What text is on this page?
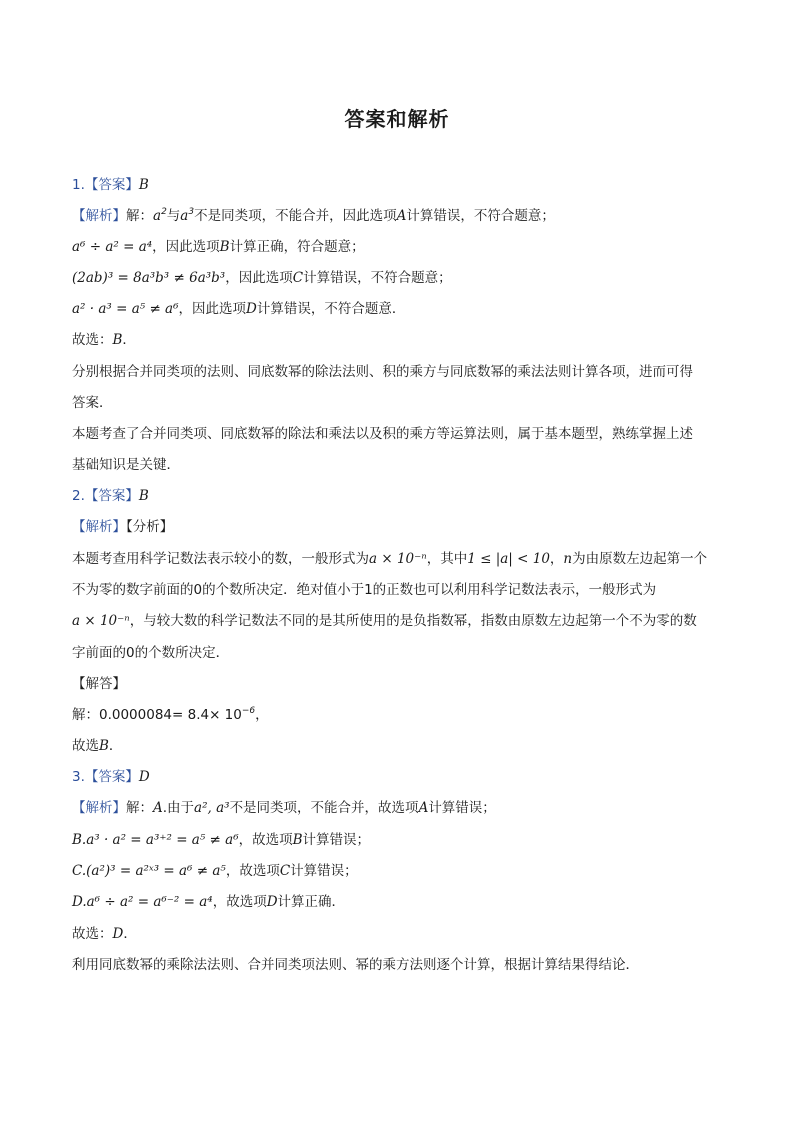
答案和解析
1.【答案】B
【解析】解：$a^2$与$a^3$不是同类项，不能合并，因此选项A计算错误，不符合题意；
a⁶ ÷ a² = a⁴，因此选项B计算正确，符合题意；
(2ab)³ = 8a³b³ ≠ 6a³b³，因此选项C计算错误，不符合题意；
a² · a³ = a⁵ ≠ a⁶，因此选项D计算错误，不符合题意．
故选：B．
分别根据合并同类项的法则、同底数幂的除法法则、积的乘方与同底数幂的乘法法则计算各项，进而可得
答案．
本题考查了合并同类项、同底数幂的除法和乘法以及积的乘方等运算法则，属于基本题型，熟练掌握上述
基础知识是关键．
2.【答案】B
【解析】【分析】
本题考查用科学记数法表示较小的数，一般形式为a × 10⁻ⁿ，其中1 ≤ |a| < 10，n为由原数左边起第一个
不为零的数字前面的0的个数所决定．绝对值小于1的正数也可以利用科学记数法表示，一般形式为
a × 10⁻ⁿ，与较大数的科学记数法不同的是其所使用的是负指数幂，指数由原数左边起第一个不为零的数
字前面的0的个数所决定．
【解答】
解：$0.0000084= 8.4\times 10^{-6}$，
故选B．
3.【答案】D
【解析】解：A.由于a², a³不是同类项，不能合并，故选项A计算错误；
B.a³ · a² = a³⁺² = a⁵ ≠ a⁶，故选项B计算错误；
C.(a²)³ = a²ˣ³ = a⁶ ≠ a⁵，故选项C计算错误；
D.a⁶ ÷ a² = a⁶⁻² = a⁴，故选项D计算正确．
故选：D．
利用同底数幂的乘除法法则、合并同类项法则、幂的乘方法则逐个计算，根据计算结果得结论．
